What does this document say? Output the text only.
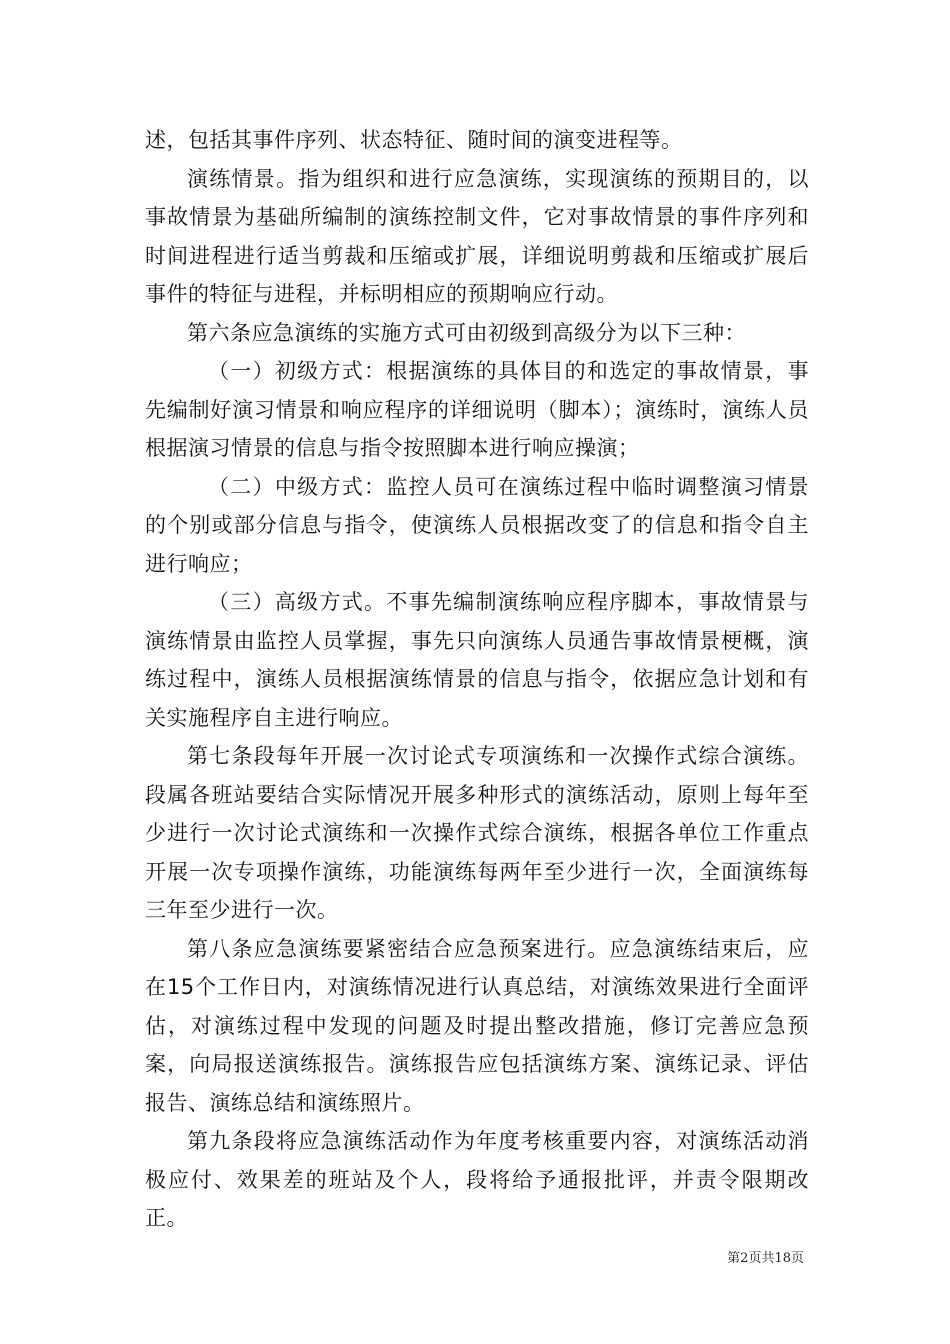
述，包括其事件序列、状态特征、随时间的演变进程等。

演练情景。指为组织和进行应急演练，实现演练的预期目的，以事故情景为基础所编制的演练控制文件，它对事故情景的事件序列和时间进程进行适当剪裁和压缩或扩展，详细说明剪裁和压缩或扩展后事件的特征与进程，并标明相应的预期响应行动。

第六条应急演练的实施方式可由初级到高级分为以下三种：

（一）初级方式：根据演练的具体目的和选定的事故情景，事先编制好演习情景和响应程序的详细说明（脚本）；演练时，演练人员根据演习情景的信息与指令按照脚本进行响应操演；

（二）中级方式：监控人员可在演练过程中临时调整演习情景的个别或部分信息与指令，使演练人员根据改变了的信息和指令自主进行响应；

（三）高级方式。不事先编制演练响应程序脚本，事故情景与演练情景由监控人员掌握，事先只向演练人员通告事故情景梗概，演练过程中，演练人员根据演练情景的信息与指令，依据应急计划和有关实施程序自主进行响应。

第七条段每年开展一次讨论式专项演练和一次操作式综合演练。段属各班站要结合实际情况开展多种形式的演练活动，原则上每年至少进行一次讨论式演练和一次操作式综合演练，根据各单位工作重点开展一次专项操作演练，功能演练每两年至少进行一次，全面演练每三年至少进行一次。

第八条应急演练要紧密结合应急预案进行。应急演练结束后，应在15个工作日内，对演练情况进行认真总结，对演练效果进行全面评估，对演练过程中发现的问题及时提出整改措施，修订完善应急预案，向局报送演练报告。演练报告应包括演练方案、演练记录、评估报告、演练总结和演练照片。

第九条段将应急演练活动作为年度考核重要内容，对演练活动消极应付、效果差的班站及个人，段将给予通报批评，并责令限期改正。

第2页共18页
